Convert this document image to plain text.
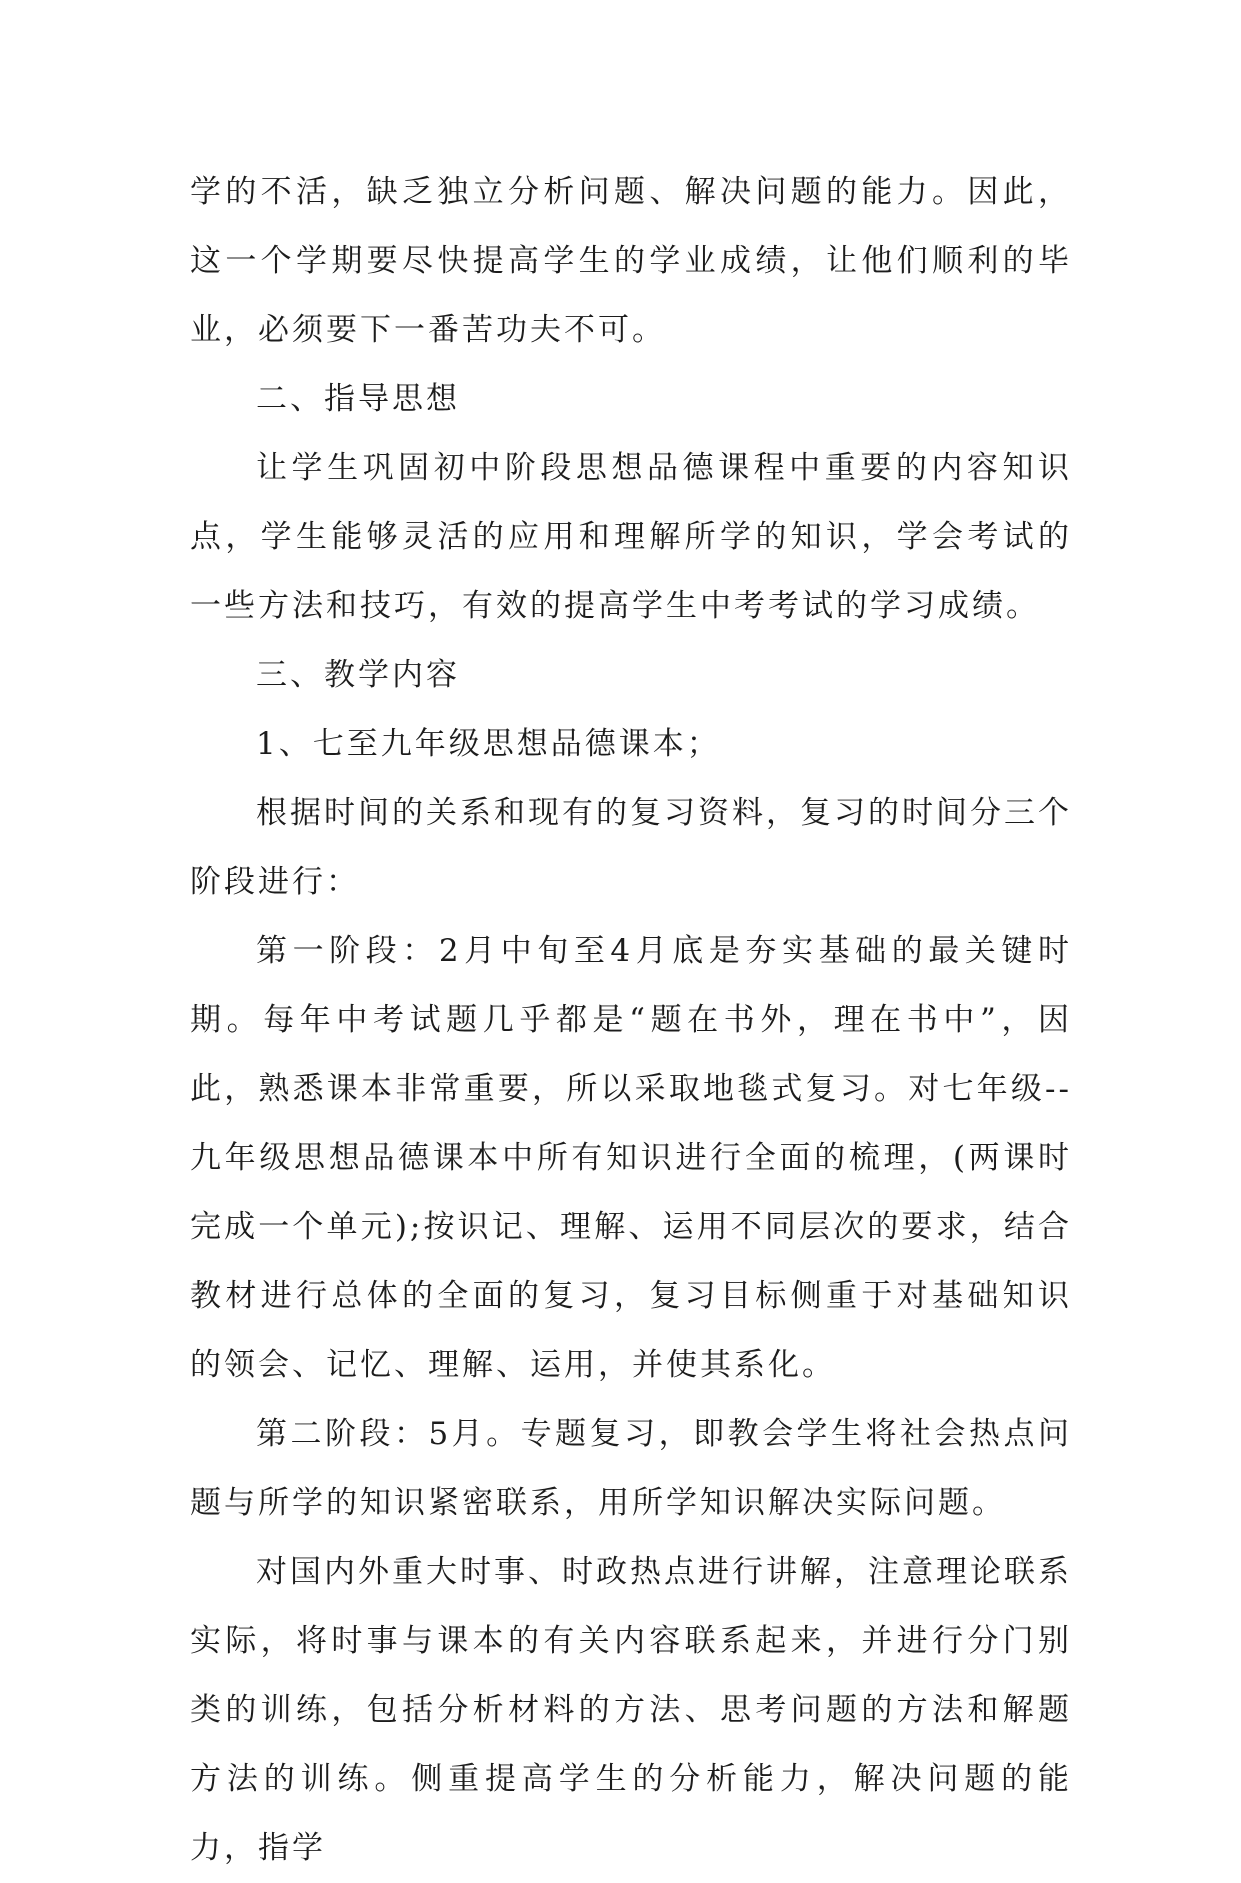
学的不活，缺乏独立分析问题、解决问题的能力。因此，这一个学期要尽快提高学生的学业成绩，让他们顺利的毕业，必须要下一番苦功夫不可。

二、指导思想

让学生巩固初中阶段思想品德课程中重要的内容知识点，学生能够灵活的应用和理解所学的知识，学会考试的一些方法和技巧，有效的提高学生中考考试的学习成绩。

三、教学内容

1、七至九年级思想品德课本；

根据时间的关系和现有的复习资料，复习的时间分三个阶段进行：

第一阶段：2月中旬至4月底是夯实基础的最关键时期。每年中考试题几乎都是“题在书外，理在书中”，因此，熟悉课本非常重要，所以采取地毯式复习。对七年级--九年级思想品德课本中所有知识进行全面的梳理，(两课时完成一个单元);按识记、理解、运用不同层次的要求，结合教材进行总体的全面的复习，复习目标侧重于对基础知识的领会、记忆、理解、运用，并使其系化。

第二阶段：5月。专题复习，即教会学生将社会热点问题与所学的知识紧密联系，用所学知识解决实际问题。

对国内外重大时事、时政热点进行讲解，注意理论联系实际，将时事与课本的有关内容联系起来，并进行分门别类的训练，包括分析材料的方法、思考问题的方法和解题方法的训练。侧重提高学生的分析能力，解决问题的能力，指学
